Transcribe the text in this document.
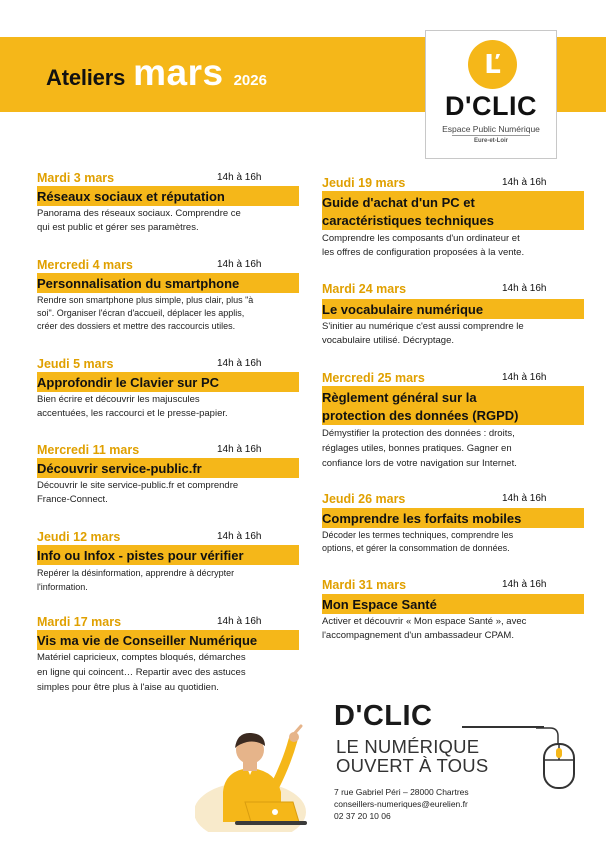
Ateliers mars 2026
Ľ
D'CLIC
Espace Public Numérique
Eure-et-Loir
Mardi 3 mars	14h à 16h
Réseaux sociaux et réputation
Panorama des réseaux sociaux. Comprendre ce
qui est public et gérer ses paramètres.
Mercredi 4 mars	14h à 16h
Personnalisation du smartphone
Rendre son smartphone plus simple, plus clair, plus "à
soi". Organiser l'écran d'accueil, déplacer les applis,
créer des dossiers et mettre des raccourcis utiles.
Jeudi 5 mars	14h à 16h
Approfondir le Clavier sur PC
Bien écrire et découvrir les majuscules
accentuées, les raccourci et le presse-papier.
Mercredi 11 mars	14h à 16h
Découvrir service-public.fr
Découvrir le site service-public.fr et comprendre
France-Connect.
Jeudi 12 mars	14h à 16h
Info ou Infox - pistes pour vérifier
Repérer la désinformation, apprendre à décrypter
l'information.
Mardi 17 mars	14h à 16h
Vis ma vie de Conseiller Numérique
Matériel capricieux, comptes bloqués, démarches
en ligne qui coincent… Repartir avec des astuces
simples pour être plus à l'aise au quotidien.
Jeudi 19 mars	14h à 16h
Guide d'achat d'un PC et
caractéristiques techniques
Comprendre les composants d'un ordinateur et
les offres de configuration proposées à la vente.
Mardi 24 mars	14h à 16h
Le vocabulaire numérique
S'initier au numérique c'est aussi comprendre le
vocabulaire utilisé. Décryptage.
Mercredi 25 mars	14h à 16h
Règlement général sur la
protection des données (RGPD)
Démystifier la protection des données : droits,
réglages utiles, bonnes pratiques. Gagner en
confiance lors de votre navigation sur Internet.
Jeudi 26 mars	14h à 16h
Comprendre les forfaits mobiles
Décoder les termes techniques, comprendre les
options, et gérer la consommation de données.
Mardi 31 mars	14h à 16h
Mon Espace Santé
Activer et découvrir « Mon espace Santé », avec
l'accompagnement d'un ambassadeur CPAM.
D'CLIC
LE NUMÉRIQUE
OUVERT À TOUS
7 rue Gabriel Péri – 28000 Chartres
conseillers-numeriques@eurelien.fr
02 37 20 10 06
